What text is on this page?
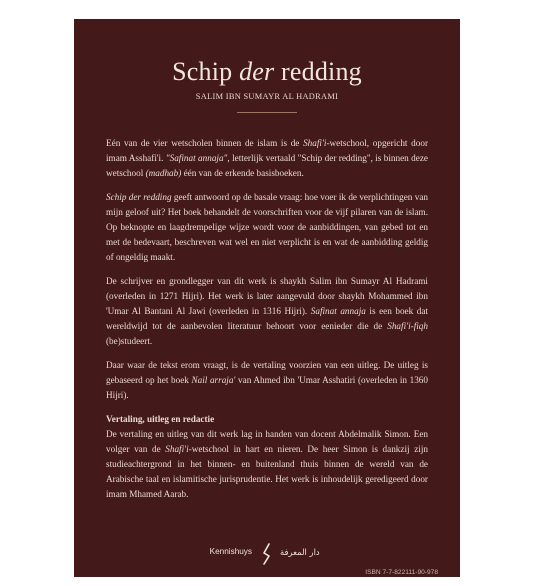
Schip der redding
SALIM IBN SUMAYR AL HADRAMI

Eén van de vier wetscholen binnen de islam is de Shafi'i-wetschool, opgericht door imam Asshafi'i. "Safinat annaja", letterlijk vertaald "Schip der redding", is binnen deze wetschool (madhab) één van de erkende basisboeken.

Schip der redding geeft antwoord op de basale vraag: hoe voer ik de verplichtingen van mijn geloof uit? Het boek behandelt de voorschriften voor de vijf pilaren van de islam. Op beknopte en laagdrempelige wijze wordt voor de aanbiddingen, van gebed tot en met de bedevaart, beschreven wat wel en niet verplicht is en wat de aanbidding geldig of ongeldig maakt.

De schrijver en grondlegger van dit werk is shaykh Salim ibn Sumayr Al Hadrami (overleden in 1271 Hijri). Het werk is later aangevuld door shaykh Mohammed ibn 'Umar Al Bantani Al Jawi (overleden in 1316 Hijri). Safinat annaja is een boek dat wereldwijd tot de aanbevolen literatuur behoort voor eenieder die de Shafi'i-fiqh (be)studeert.

Daar waar de tekst erom vraagt, is de vertaling voorzien van een uitleg. De uitleg is gebaseerd op het boek Nail arraja' van Ahmed ibn 'Umar Asshatiri (overleden in 1360 Hijri).

Vertaling, uitleg en redactie

De vertaling en uitleg van dit werk lag in handen van docent Abdelmalik Simon. Een volger van de Shafi'i-wetschool in hart en nieren. De heer Simon is dankzij zijn studieachtergrond in het binnen- en buitenland thuis binnen de wereld van de Arabische taal en islamitische jurisprudentie. Het werk is inhoudelijk geredigeerd door imam Mhamed Aarab.

Kennishuys	دار المعرفة
ISBN 7-7-822111-90-978
